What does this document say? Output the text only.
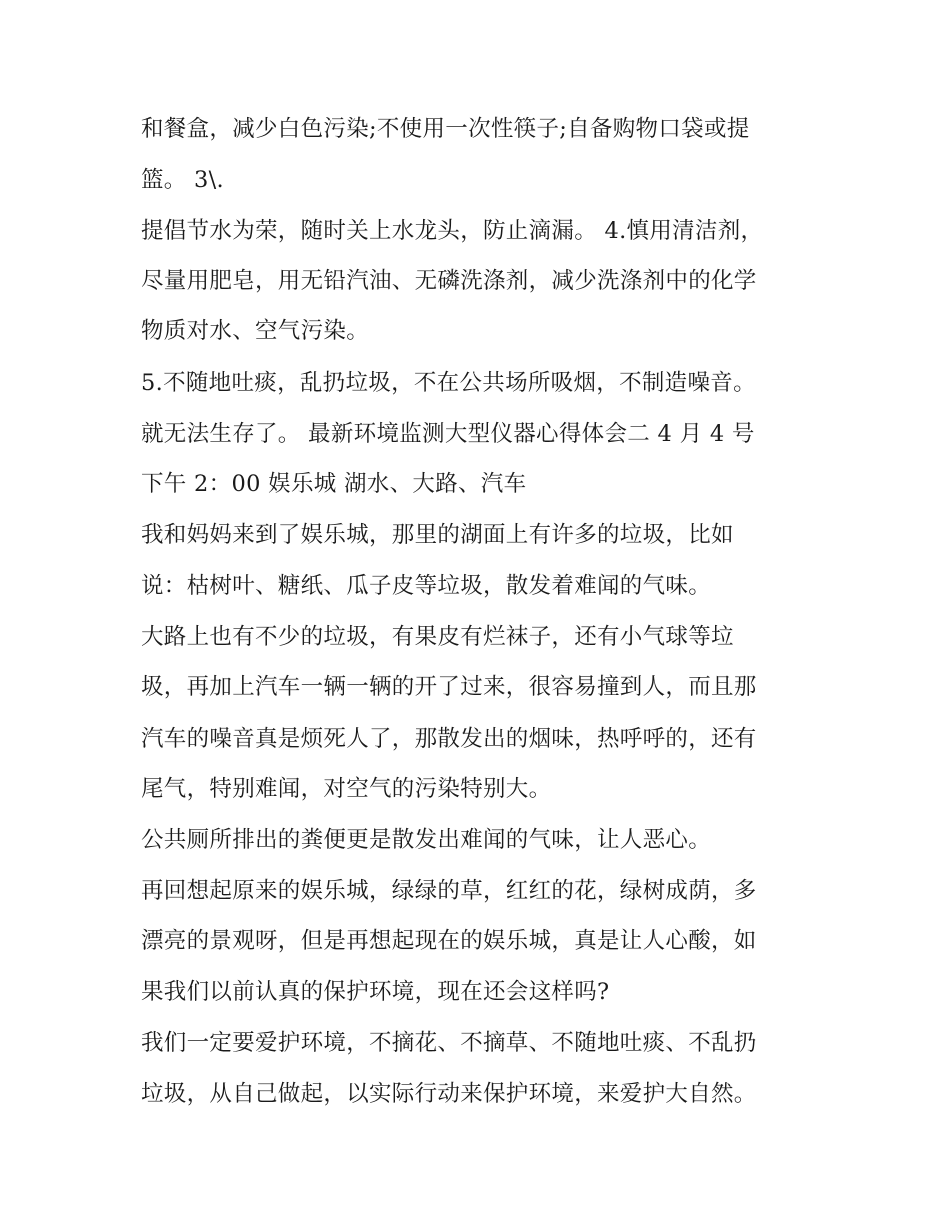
和餐盒，减少白色污染;不使用一次性筷子;自备购物口袋或提
篮。 3\.
提倡节水为荣，随时关上水龙头，防止滴漏。 4.慎用清洁剂，
尽量用肥皂，用无铅汽油、无磷洗涤剂，减少洗涤剂中的化学
物质对水、空气污染。
5.不随地吐痰，乱扔垃圾，不在公共场所吸烟，不制造噪音。
就无法生存了。 最新环境监测大型仪器心得体会二 4 月 4 号
下午 2：00 娱乐城 湖水、大路、汽车
我和妈妈来到了娱乐城，那里的湖面上有许多的垃圾，比如
说：枯树叶、糖纸、瓜子皮等垃圾，散发着难闻的气味。
大路上也有不少的垃圾，有果皮有烂袜子，还有小气球等垃
圾，再加上汽车一辆一辆的开了过来，很容易撞到人，而且那
汽车的噪音真是烦死人了，那散发出的烟味，热呼呼的，还有
尾气，特别难闻，对空气的污染特别大。
公共厕所排出的粪便更是散发出难闻的气味，让人恶心。
再回想起原来的娱乐城，绿绿的草，红红的花，绿树成荫，多
漂亮的景观呀，但是再想起现在的娱乐城，真是让人心酸，如
果我们以前认真的保护环境，现在还会这样吗?
我们一定要爱护环境，不摘花、不摘草、不随地吐痰、不乱扔
垃圾，从自己做起，以实际行动来保护环境，来爱护大自然。
